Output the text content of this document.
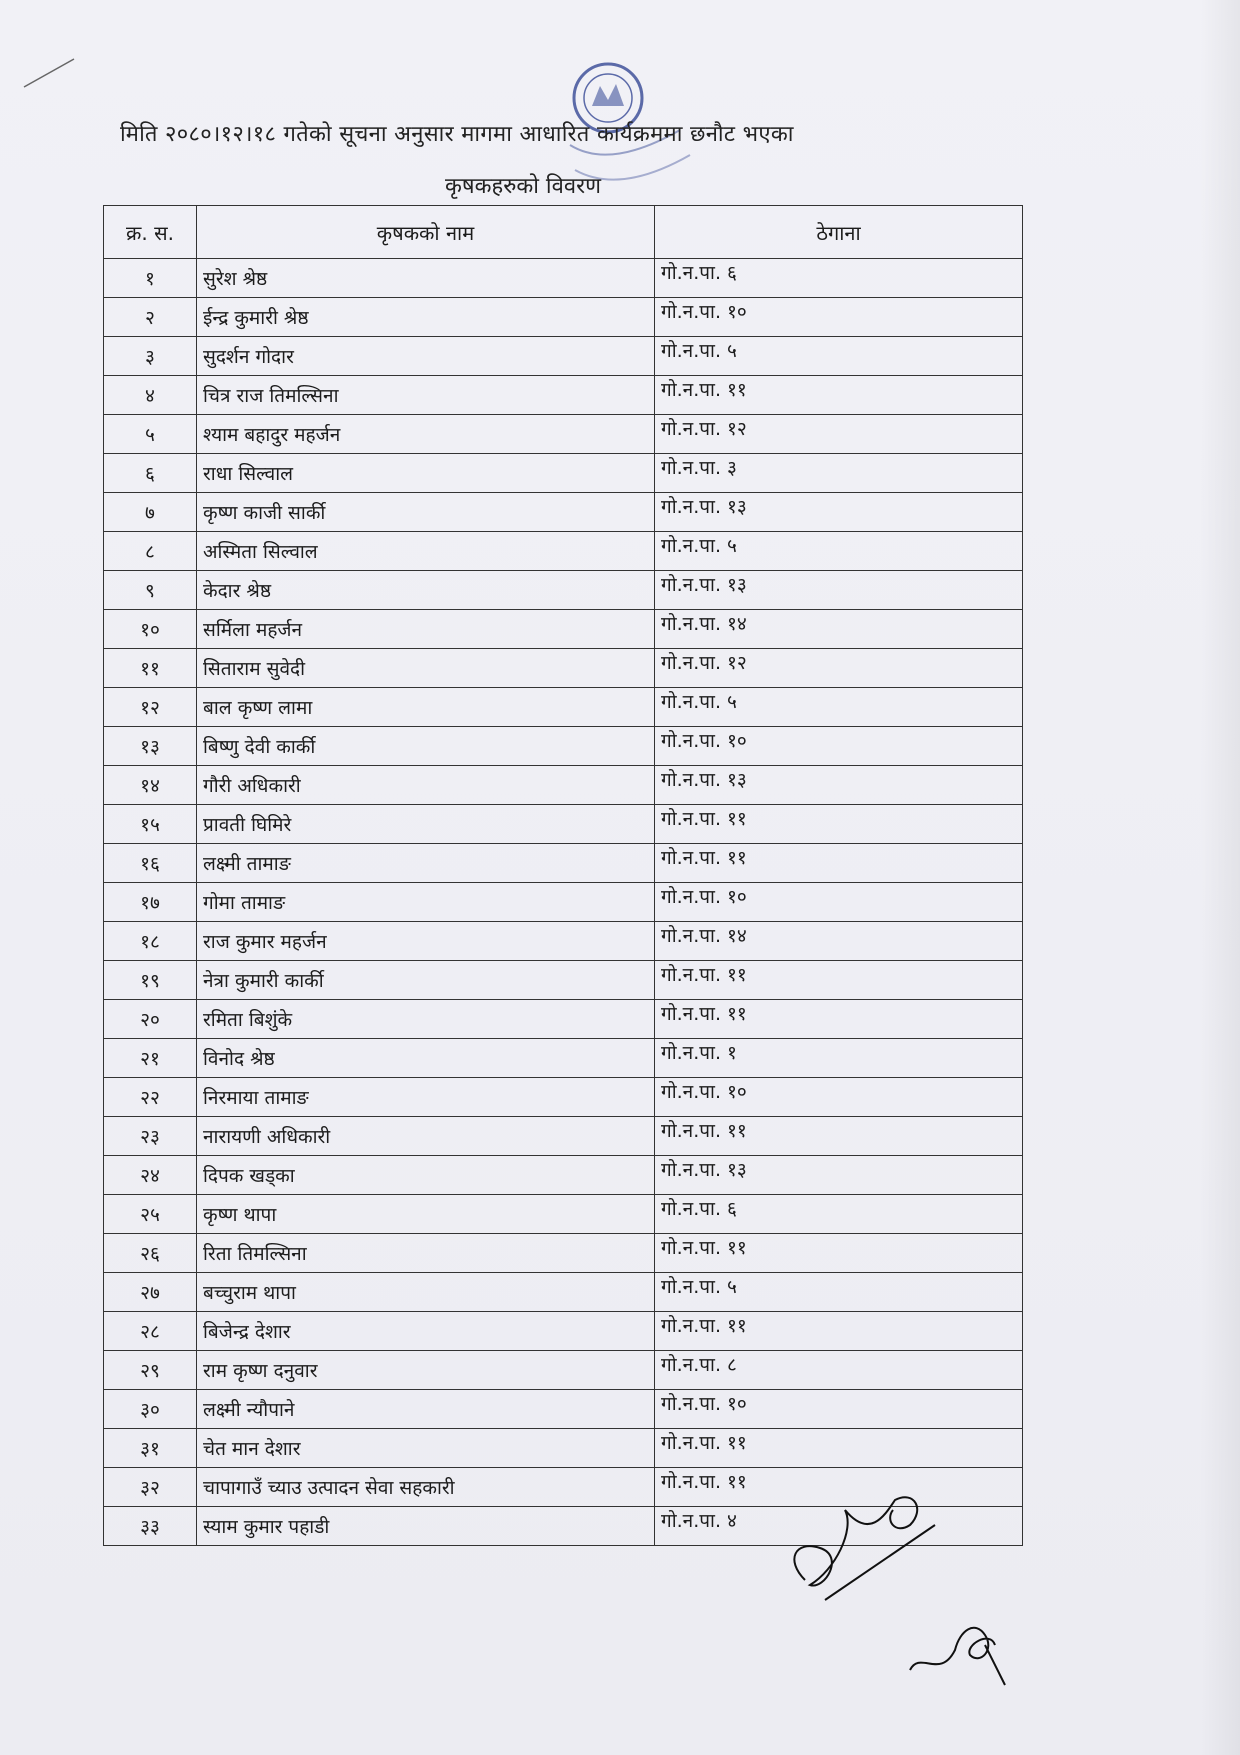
मिति २०८०।१२।१८ गतेको सूचना अनुसार मागमा आधारित कार्यक्रममा छनौट भएका
कृषकहरुको विवरण
क्र. स.	कृषकको नाम	ठेगाना
१	सुरेश श्रेष्ठ	गो.न.पा. ६
२	ईन्द्र कुमारी श्रेष्ठ	गो.न.पा. १०
३	सुदर्शन गोदार	गो.न.पा. ५
४	चित्र राज तिमल्सिना	गो.न.पा. ११
५	श्याम बहादुर महर्जन	गो.न.पा. १२
६	राधा सिल्वाल	गो.न.पा. ३
७	कृष्ण काजी सार्की	गो.न.पा. १३
८	अस्मिता सिल्वाल	गो.न.पा. ५
९	केदार श्रेष्ठ	गो.न.पा. १३
१०	सर्मिला महर्जन	गो.न.पा. १४
११	सिताराम सुवेदी	गो.न.पा. १२
१२	बाल कृष्ण लामा	गो.न.पा. ५
१३	बिष्णु देवी कार्की	गो.न.पा. १०
१४	गौरी अधिकारी	गो.न.पा. १३
१५	प्रावती घिमिरे	गो.न.पा. ११
१६	लक्ष्मी तामाङ	गो.न.पा. ११
१७	गोमा तामाङ	गो.न.पा. १०
१८	राज कुमार महर्जन	गो.न.पा. १४
१९	नेत्रा कुमारी कार्की	गो.न.पा. ११
२०	रमिता बिशुंके	गो.न.पा. ११
२१	विनोद श्रेष्ठ	गो.न.पा. १
२२	निरमाया तामाङ	गो.न.पा. १०
२३	नारायणी अधिकारी	गो.न.पा. ११
२४	दिपक खड्का	गो.न.पा. १३
२५	कृष्ण थापा	गो.न.पा. ६
२६	रिता तिमल्सिना	गो.न.पा. ११
२७	बच्चुराम थापा	गो.न.पा. ५
२८	बिजेन्द्र देशार	गो.न.पा. ११
२९	राम कृष्ण दनुवार	गो.न.पा. ८
३०	लक्ष्मी न्यौपाने	गो.न.पा. १०
३१	चेत मान देशार	गो.न.पा. ११
३२	चापागाउँ च्याउ उत्पादन सेवा सहकारी	गो.न.पा. ११
३३	स्याम कुमार पहाडी	गो.न.पा. ४
